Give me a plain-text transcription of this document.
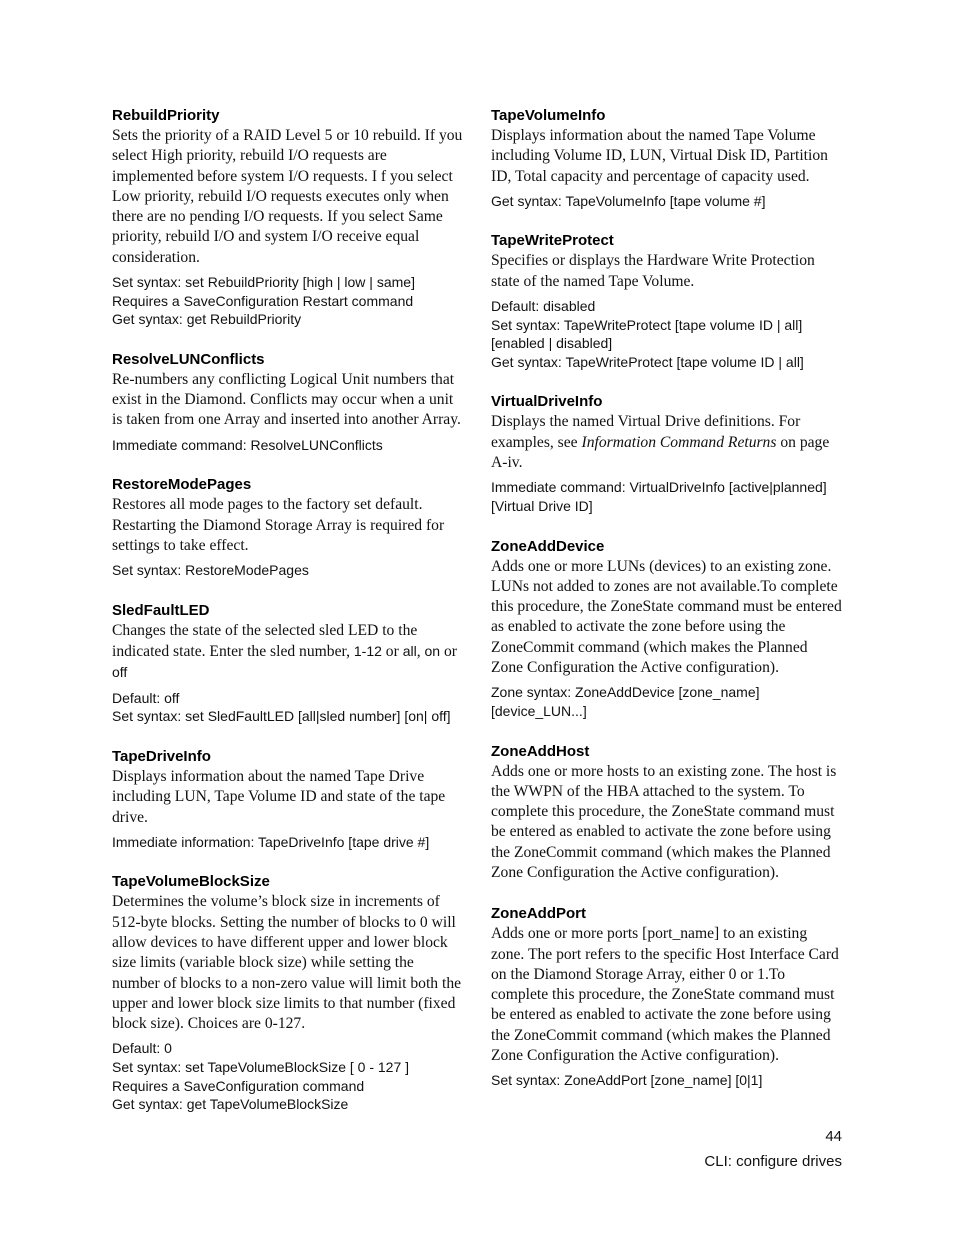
RebuildPriority

Sets the priority of a RAID Level 5 or 10 rebuild. If you select High priority, rebuild I/O requests are implemented before system I/O requests. I f you select Low priority, rebuild I/O requests executes only when there are no pending I/O requests. If you select Same priority, rebuild I/O and system I/O receive equal consideration.

Set syntax: set RebuildPriority [high | low | same]

Requires a SaveConfiguration Restart command

Get syntax: get RebuildPriority

ResolveLUNConflicts

Re-numbers any conflicting Logical Unit numbers that exist in the Diamond. Conflicts may occur when a unit is taken from one Array and inserted into another Array.

Immediate command: ResolveLUNConflicts

RestoreModePages

Restores all mode pages to the factory set default. Restarting the Diamond Storage Array is required for settings to take effect.

Set syntax: RestoreModePages

SledFaultLED

Changes the state of the selected sled LED to the indicated state. Enter the sled number, 1-12 or all, on or off

Default: off

Set syntax: set SledFaultLED [all|sled number] [on| off]

TapeDriveInfo

Displays information about the named Tape Drive including LUN, Tape Volume ID and state of the tape drive.

Immediate information: TapeDriveInfo [tape drive #]

TapeVolumeBlockSize

Determines the volume’s block size in increments of 512-byte blocks. Setting the number of blocks to 0 will allow devices to have different upper and lower block size limits (variable block size) while setting the number of blocks to a non-zero value will limit both the upper and lower block size limits to that number (fixed block size). Choices are 0-127.

Default: 0

Set syntax: set TapeVolumeBlockSize [ 0 - 127 ]

Requires a SaveConfiguration command

Get syntax: get TapeVolumeBlockSize

TapeVolumeInfo

Displays information about the named Tape Volume including Volume ID, LUN, Virtual Disk ID, Partition ID, Total capacity and percentage of capacity used.

Get syntax: TapeVolumeInfo [tape volume #]

TapeWriteProtect

Specifies or displays the Hardware Write Protection state of the named Tape Volume.

Default: disabled

Set syntax: TapeWriteProtect [tape volume ID | all]

[enabled | disabled]

Get syntax: TapeWriteProtect [tape volume ID | all]

VirtualDriveInfo

Displays the named Virtual Drive definitions. For examples, see Information Command Returns on page A-iv.

Immediate command: VirtualDriveInfo [active|planned]

[Virtual Drive ID]

ZoneAddDevice

Adds one or more LUNs (devices) to an existing zone. LUNs not added to zones are not available.To complete this procedure, the ZoneState command must be entered as enabled to activate the zone before using the ZoneCommit command (which makes the Planned Zone Configuration the Active configuration).

Zone syntax: ZoneAddDevice [zone_name]

[device_LUN...]

ZoneAddHost

Adds one or more hosts to an existing zone. The host is the WWPN of the HBA attached to the system. To complete this procedure, the ZoneState command must be entered as enabled to activate the zone before using the ZoneCommit command (which makes the Planned Zone Configuration the Active configuration).

ZoneAddPort

Adds one or more ports [port_name] to an existing zone. The port refers to the specific Host Interface Card on the Diamond Storage Array, either 0 or 1.To complete this procedure, the ZoneState command must be entered as enabled to activate the zone before using the ZoneCommit command (which makes the Planned Zone Configuration the Active configuration).

Set syntax: ZoneAddPort [zone_name] [0|1]

44
CLI: configure drives
